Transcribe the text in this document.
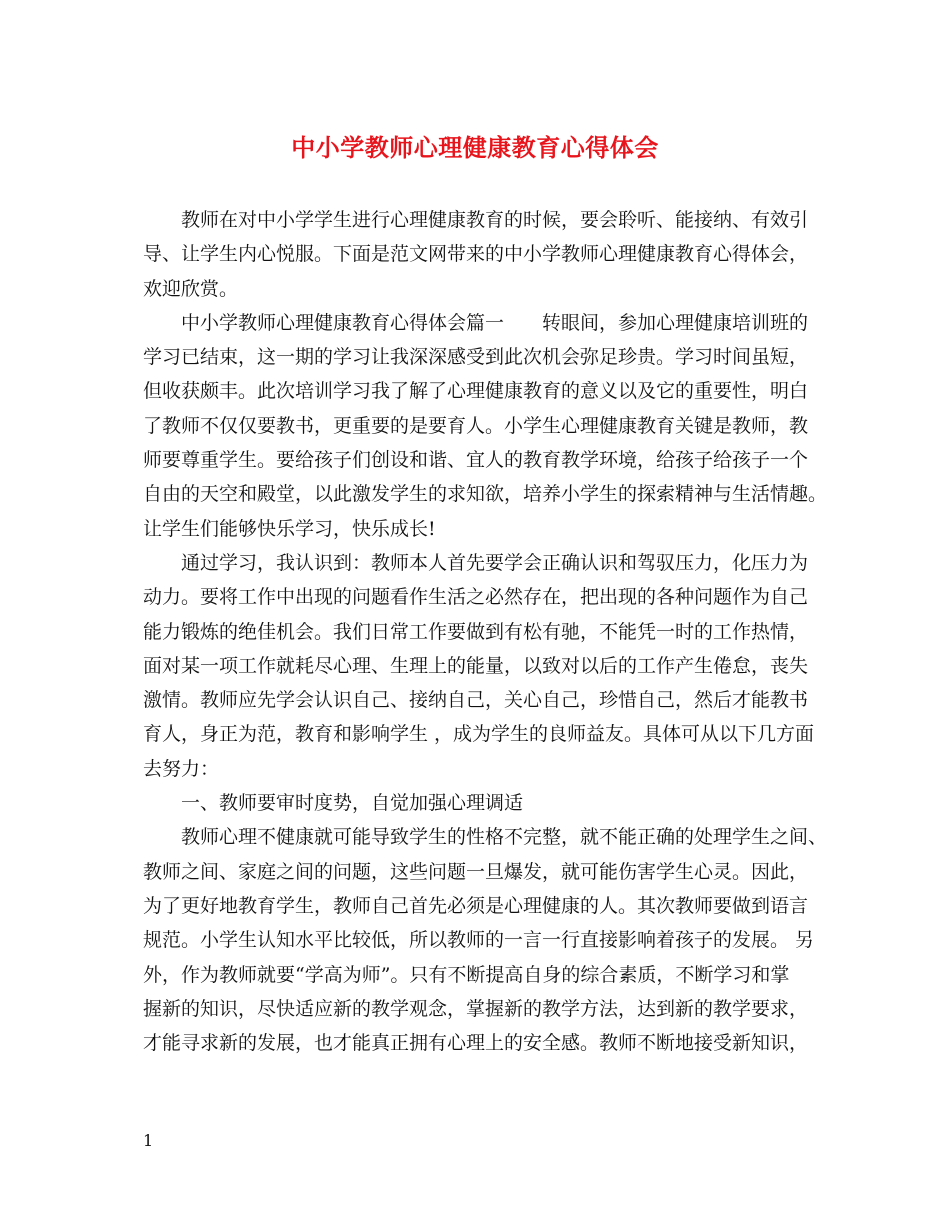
中小学教师心理健康教育心得体会
教师在对中小学学生进行心理健康教育的时候，要会聆听、能接纳、有效引
导、让学生内心悦服。下面是范文网带来的中小学教师心理健康教育心得体会，
欢迎欣赏。
中小学教师心理健康教育心得体会篇一　　转眼间，参加心理健康培训班的
学习已结束，这一期的学习让我深深感受到此次机会弥足珍贵。学习时间虽短，
但收获颇丰。此次培训学习我了解了心理健康教育的意义以及它的重要性，明白
了教师不仅仅要教书，更重要的是要育人。小学生心理健康教育关键是教师，教
师要尊重学生。要给孩子们创设和谐、宜人的教育教学环境，给孩子给孩子一个
自由的天空和殿堂，以此激发学生的求知欲，培养小学生的探索精神与生活情趣。
让学生们能够快乐学习，快乐成长!
通过学习，我认识到：教师本人首先要学会正确认识和驾驭压力，化压力为
动力。要将工作中出现的问题看作生活之必然存在，把出现的各种问题作为自己
能力锻炼的绝佳机会。我们日常工作要做到有松有驰，不能凭一时的工作热情，
面对某一项工作就耗尽心理、生理上的能量，以致对以后的工作产生倦怠，丧失
激情。教师应先学会认识自己、接纳自己，关心自己，珍惜自己，然后才能教书
育人，身正为范，教育和影响学生 ，成为学生的良师益友。具体可从以下几方面
去努力：
一、教师要审时度势，自觉加强心理调适
教师心理不健康就可能导致学生的性格不完整，就不能正确的处理学生之间、
教师之间、家庭之间的问题，这些问题一旦爆发，就可能伤害学生心灵。因此，
为了更好地教育学生，教师自己首先必须是心理健康的人。其次教师要做到语言
规范。小学生认知水平比较低，所以教师的一言一行直接影响着孩子的发展。 另
外，作为教师就要“学高为师”。只有不断提高自身的综合素质，不断学习和掌
握新的知识，尽快适应新的教学观念，掌握新的教学方法，达到新的教学要求，
才能寻求新的发展，也才能真正拥有心理上的安全感。教师不断地接受新知识，
1
